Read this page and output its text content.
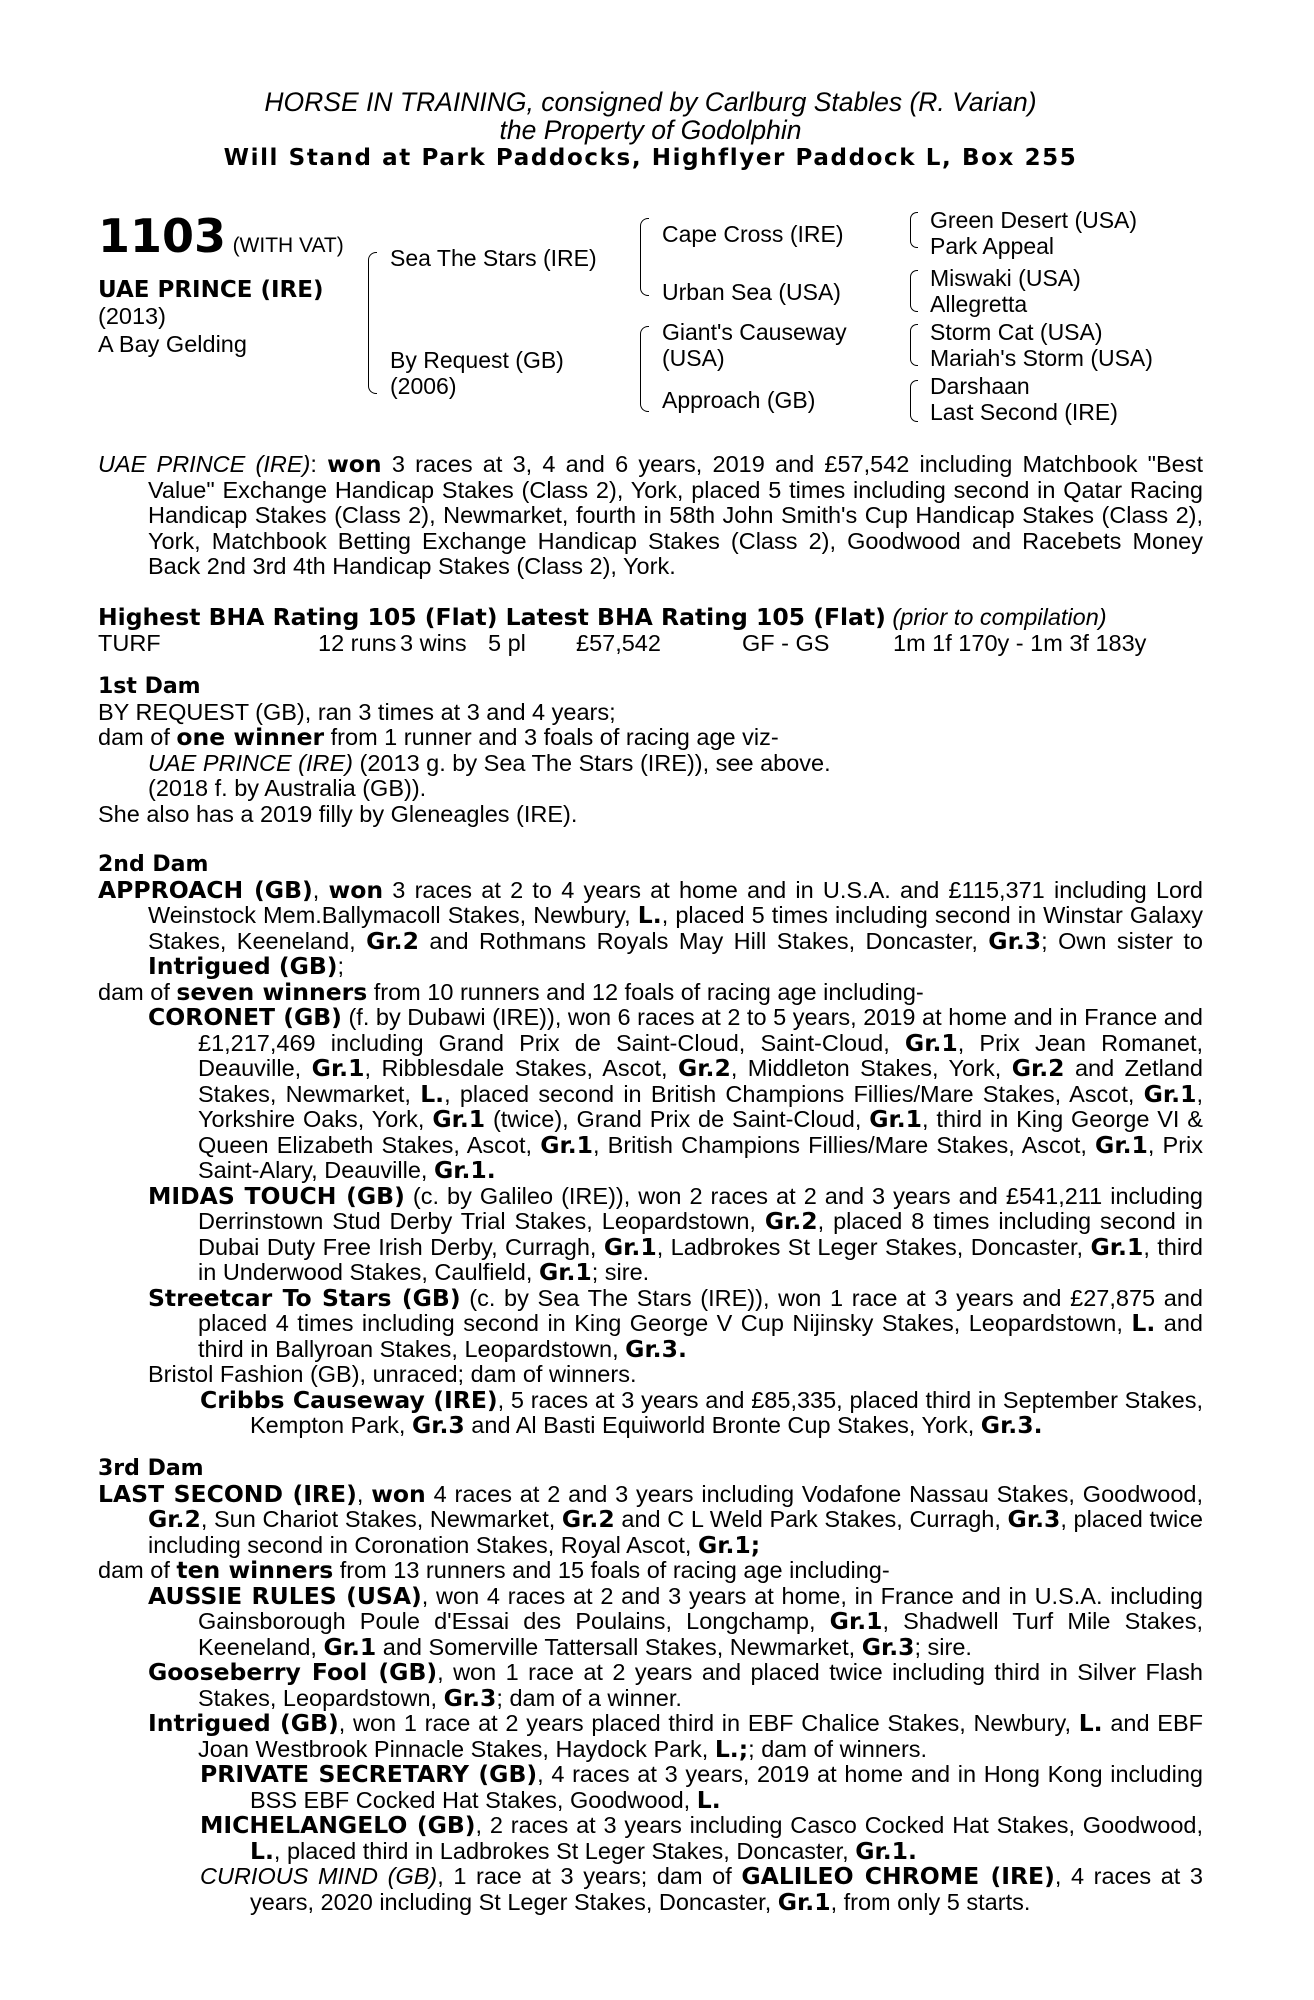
HORSE IN TRAINING, consigned by Carlburg Stables (R. Varian)
the Property of Godolphin
Will Stand at Park Paddocks, Highflyer Paddock L, Box 255
1103 (WITH VAT)
UAE PRINCE (IRE)
(2013)
A Bay Gelding
Sea The Stars (IRE)
By Request (GB)
(2006)
Cape Cross (IRE)
Urban Sea (USA)
Giant's Causeway
(USA)
Approach (GB)
Green Desert (USA)
Park Appeal
Miswaki (USA)
Allegretta
Storm Cat (USA)
Mariah's Storm (USA)
Darshaan
Last Second (IRE)

UAE PRINCE (IRE): won 3 races at 3, 4 and 6 years, 2019 and £57,542 including Matchbook "Best Value" Exchange Handicap Stakes (Class 2), York, placed 5 times including second in Qatar Racing Handicap Stakes (Class 2), Newmarket, fourth in 58th John Smith's Cup Handicap Stakes (Class 2), York, Matchbook Betting Exchange Handicap Stakes (Class 2), Goodwood and Racebets Money Back 2nd 3rd 4th Handicap Stakes (Class 2), York.

Highest BHA Rating 105 (Flat) Latest BHA Rating 105 (Flat) (prior to compilation)
TURF	12 runs 3 wins 5 pl £57,542	GF - GS	1m 1f 170y - 1m 3f 183y

1st Dam

BY REQUEST (GB), ran 3 times at 3 and 4 years;

dam of one winner from 1 runner and 3 foals of racing age viz-

UAE PRINCE (IRE) (2013 g. by Sea The Stars (IRE)), see above.

(2018 f. by Australia (GB)).

She also has a 2019 filly by Gleneagles (IRE).

2nd Dam

APPROACH (GB), won 3 races at 2 to 4 years at home and in U.S.A. and £115,371 including Lord Weinstock Mem.Ballymacoll Stakes, Newbury, L., placed 5 times including second in Winstar Galaxy Stakes, Keeneland, Gr.2 and Rothmans Royals May Hill Stakes, Doncaster, Gr.3; Own sister to Intrigued (GB);

dam of seven winners from 10 runners and 12 foals of racing age including-

CORONET (GB) (f. by Dubawi (IRE)), won 6 races at 2 to 5 years, 2019 at home and in France and £1,217,469 including Grand Prix de Saint-Cloud, Saint-Cloud, Gr.1, Prix Jean Romanet, Deauville, Gr.1, Ribblesdale Stakes, Ascot, Gr.2, Middleton Stakes, York, Gr.2 and Zetland Stakes, Newmarket, L., placed second in British Champions Fillies/Mare Stakes, Ascot, Gr.1, Yorkshire Oaks, York, Gr.1 (twice), Grand Prix de Saint-Cloud, Gr.1, third in King George VI & Queen Elizabeth Stakes, Ascot, Gr.1, British Champions Fillies/Mare Stakes, Ascot, Gr.1, Prix Saint-Alary, Deauville, Gr.1.

MIDAS TOUCH (GB) (c. by Galileo (IRE)), won 2 races at 2 and 3 years and £541,211 including Derrinstown Stud Derby Trial Stakes, Leopardstown, Gr.2, placed 8 times including second in Dubai Duty Free Irish Derby, Curragh, Gr.1, Ladbrokes St Leger Stakes, Doncaster, Gr.1, third in Underwood Stakes, Caulfield, Gr.1; sire.

Streetcar To Stars (GB) (c. by Sea The Stars (IRE)), won 1 race at 3 years and £27,875 and placed 4 times including second in King George V Cup Nijinsky Stakes, Leopardstown, L. and third in Ballyroan Stakes, Leopardstown, Gr.3.

Bristol Fashion (GB), unraced; dam of winners.

Cribbs Causeway (IRE), 5 races at 3 years and £85,335, placed third in September Stakes, Kempton Park, Gr.3 and Al Basti Equiworld Bronte Cup Stakes, York, Gr.3.

3rd Dam

LAST SECOND (IRE), won 4 races at 2 and 3 years including Vodafone Nassau Stakes, Goodwood, Gr.2, Sun Chariot Stakes, Newmarket, Gr.2 and C L Weld Park Stakes, Curragh, Gr.3, placed twice including second in Coronation Stakes, Royal Ascot, Gr.1;

dam of ten winners from 13 runners and 15 foals of racing age including-

AUSSIE RULES (USA), won 4 races at 2 and 3 years at home, in France and in U.S.A. including Gainsborough Poule d'Essai des Poulains, Longchamp, Gr.1, Shadwell Turf Mile Stakes, Keeneland, Gr.1 and Somerville Tattersall Stakes, Newmarket, Gr.3; sire.

Gooseberry Fool (GB), won 1 race at 2 years and placed twice including third in Silver Flash Stakes, Leopardstown, Gr.3; dam of a winner.

Intrigued (GB), won 1 race at 2 years placed third in EBF Chalice Stakes, Newbury, L. and EBF Joan Westbrook Pinnacle Stakes, Haydock Park, L.;; dam of winners.

PRIVATE SECRETARY (GB), 4 races at 3 years, 2019 at home and in Hong Kong including BSS EBF Cocked Hat Stakes, Goodwood, L.

MICHELANGELO (GB), 2 races at 3 years including Casco Cocked Hat Stakes, Goodwood, L., placed third in Ladbrokes St Leger Stakes, Doncaster, Gr.1.

CURIOUS MIND (GB), 1 race at 3 years; dam of GALILEO CHROME (IRE), 4 races at 3 years, 2020 including St Leger Stakes, Doncaster, Gr.1, from only 5 starts.
